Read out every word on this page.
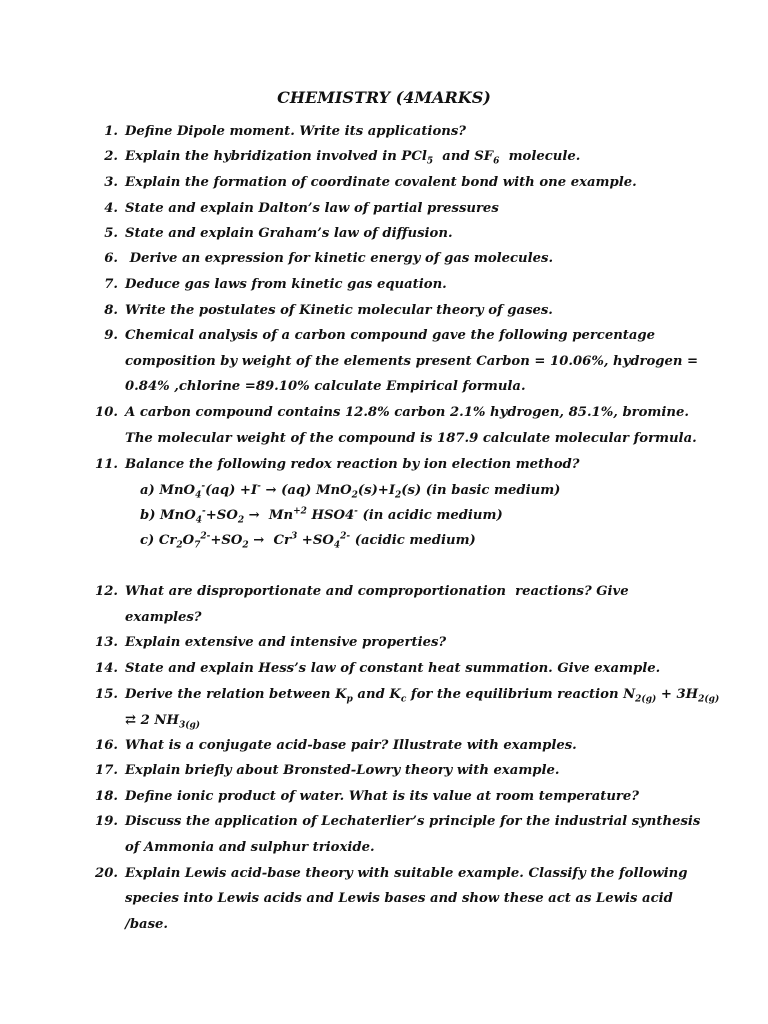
CHEMISTRY (4MARKS)
1. Define Dipole moment. Write its applications?
2. Explain the hybridization involved in PCl$_5$  and $SF_6$  molecule.
3. Explain the formation of coordinate covalent bond with one example.
4. State and explain Dalton’s law of partial pressures
5. State and explain Graham’s law of diffusion.
6. Derive an expression for kinetic energy of gas molecules.
7. Deduce gas laws from kinetic gas equation.
8. Write the postulates of Kinetic molecular theory of gases.
9. Chemical analysis of a carbon compound gave the following percentage
composition by weight of the elements present Carbon = 10.06%, hydrogen =
0.84% ,chlorine =89.10% calculate Empirical formula.
10. A carbon compound contains 12.8% carbon 2.1% hydrogen, 85.1%, bromine.
The molecular weight of the compound is 187.9 calculate molecular formula.
11. Balance the following redox reaction by ion election method?
a) MnO$_4$-(aq) +I- → (aq) $MnO_2(s)+I_2(s)$ (in basic medium)
b) $MnO_4^-+SO_2 \to Mn^{+2}$ HSO4- (in acidic medium)
c) $Cr_2O_7^{2-}+SO_2 \to Cr^3 +SO_4^{2-}$ (acidic medium)
12. What are disproportionate and comproportionation  reactions? Give
examples?
13. Explain extensive and intensive properties?
14. State and explain Hess’s law of constant heat summation. Give example.
15. Derive the relation between $K_p$ and $K_c$ for the equilibrium reaction $N_{2(g)} + 3H_{2(g)}$
⇄ 2 $NH_{3(g)}$
16. What is a conjugate acid-base pair? Illustrate with examples.
17. Explain briefly about Bronsted-Lowry theory with example.
18. Define ionic product of water. What is its value at room temperature?
19. Discuss the application of Lechaterlier’s principle for the industrial synthesis
of Ammonia and sulphur trioxide.
20. Explain Lewis acid-base theory with suitable example. Classify the following
species into Lewis acids and Lewis bases and show these act as Lewis acid
/base.
